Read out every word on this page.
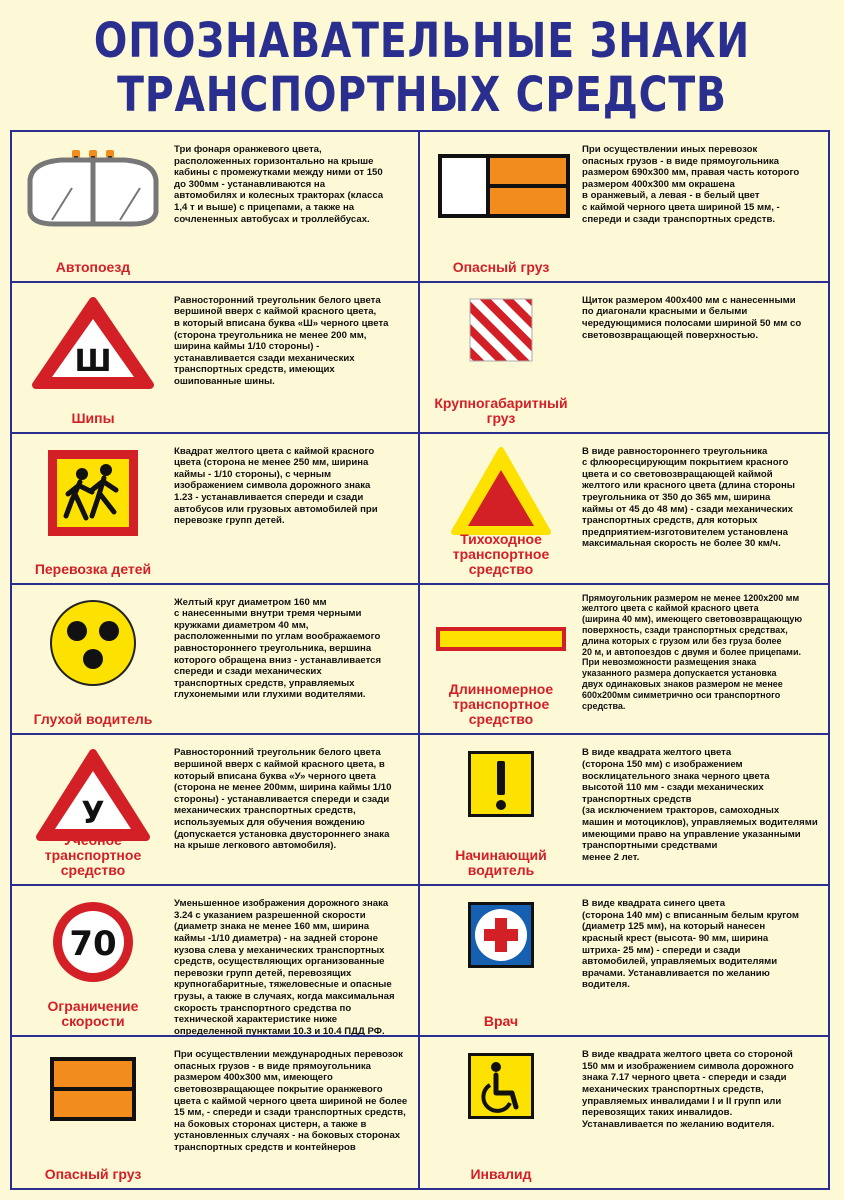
ОПОЗНАВАТЕЛЬНЫЕ ЗНАКИ
ТРАНСПОРТНЫХ СРЕДСТВ
Автопоезд
Три фонаря оранжевого цвета,
расположенных горизонтально на крыше
кабины с промежутками между ними от 150
до 300мм - устанавливаются на
автомобилях и колесных тракторах (класса
1,4 т и выше) с прицепами, а также на
сочлененных автобусах и троллейбусах.
Опасный груз
При осуществлении иных перевозок
опасных грузов - в виде прямоугольника
размером 690х300 мм, правая часть которого
размером 400х300 мм окрашена
в оранжевый, а левая - в белый цвет
с каймой черного цвета шириной 15 мм, -
спереди и сзади транспортных средств.
Ш
Шипы
Равносторонний треугольник белого цвета
вершиной вверх с каймой красного цвета,
в который вписана буква «Ш» черного цвета
(сторона треугольника не менее 200 мм,
ширина каймы 1/10 стороны) -
устанавливается сзади механических
транспортных средств, имеющих
ошипованные шины.
Крупногабаритный
груз
Щиток размером 400х400 мм с нанесенными
по диагонали красными и белыми
чередующимися полосами шириной 50 мм со
световозвращающей поверхностью.
Перевозка детей
Квадрат желтого цвета с каймой красного
цвета (сторона не менее 250 мм, ширина
каймы - 1/10 стороны), с черным
изображением символа дорожного знака
1.23 - устанавливается спереди и сзади
автобусов или грузовых автомобилей при
перевозке групп детей.
Тихоходное
транспортное
средство
В виде равностороннего треугольника
с флюоресцирующим покрытием красного
цвета и со световозвращающей каймой
желтого или красного цвета (длина стороны
треугольника от 350 до 365 мм, ширина
каймы от 45 до 48 мм) - сзади механических
транспортных средств, для которых
предприятием-изготовителем установлена
максимальная скорость не более 30 км/ч.
Глухой водитель
Желтый круг диаметром 160 мм
с нанесенными внутри тремя черными
кружками диаметром 40 мм,
расположенными по углам воображаемого
равностороннего треугольника, вершина
которого обращена вниз - устанавливается
спереди и сзади механических
транспортных средств, управляемых
глухонемыми или глухими водителями.	Длинномерное
транспортное
средство
Прямоугольник размером не менее 1200х200 мм
желтого цвета с каймой красного цвета
(ширина 40 мм), имеющего световозвращающую
поверхность, сзади транспортных средствах,
длина которых с грузом или без груза более
20 м, и автопоездов с двумя и более прицепами.
При невозможности размещения знака
указанного размера допускается установка
двух одинаковых знаков размером не менее
600х200мм симметрично оси транспортного
средства.
У
Учебное
транспортное
средство
Равносторонний треугольник белого цвета
вершиной вверх с каймой красного цвета, в
который вписана буква «У» черного цвета
(сторона не менее 200мм, ширина каймы 1/10
стороны) - устанавливается спереди и сзади
механических транспортных средств,
используемых для обучения вождению
(допускается установка двустороннего знака
на крыше легкового автомобиля).
Начинающий
водитель
В виде квадрата желтого цвета
(сторона 150 мм) с изображением
восклицательного знака черного цвета
высотой 110 мм - сзади механических
транспортных средств
(за исключением тракторов, самоходных
машин и мотоциклов), управляемых водителями
имеющими право на управление указанными
транспортными средствами
менее 2 лет.
70
Ограничение
скорости
Уменьшенное изображения дорожного знака
3.24 с указанием разрешенной скорости
(диаметр знака не менее 160 мм, ширина
каймы -1/10 диаметра) - на задней стороне
кузова слева у механических транспортных
средств, осуществляющих организованные
перевозки групп детей, перевозящих
крупногабаритные, тяжеловесные и опасные
грузы, а также в случаях, когда максимальная
скорость транспортного средства по
технической характеристике ниже
определенной пунктами 10.3 и 10.4 ПДД РФ.
Врач
В виде квадрата синего цвета
(сторона 140 мм) с вписанным белым кругом
(диаметр 125 мм), на который нанесен
красный крест (высота- 90 мм, ширина
штриха- 25 мм) - спереди и сзади
автомобилей, управляемых водителями
врачами. Устанавливается по желанию
водителя.
Опасный груз
При осуществлении международных перевозок
опасных грузов - в виде прямоугольника
размером 400х300 мм, имеющего
световозвращающее покрытие оранжевого
цвета с каймой черного цвета шириной не более
15 мм, - спереди и сзади транспортных средств,
на боковых сторонах цистерн, а также в
установленных случаях - на боковых сторонах
транспортных средств и контейнеров
Инвалид
В виде квадрата желтого цвета со стороной
150 мм и изображением символа дорожного
знака 7.17 черного цвета - спереди и сзади
механических транспортных средств,
управляемых инвалидами I и II групп или
перевозящих таких инвалидов.
Устанавливается по желанию водителя.
